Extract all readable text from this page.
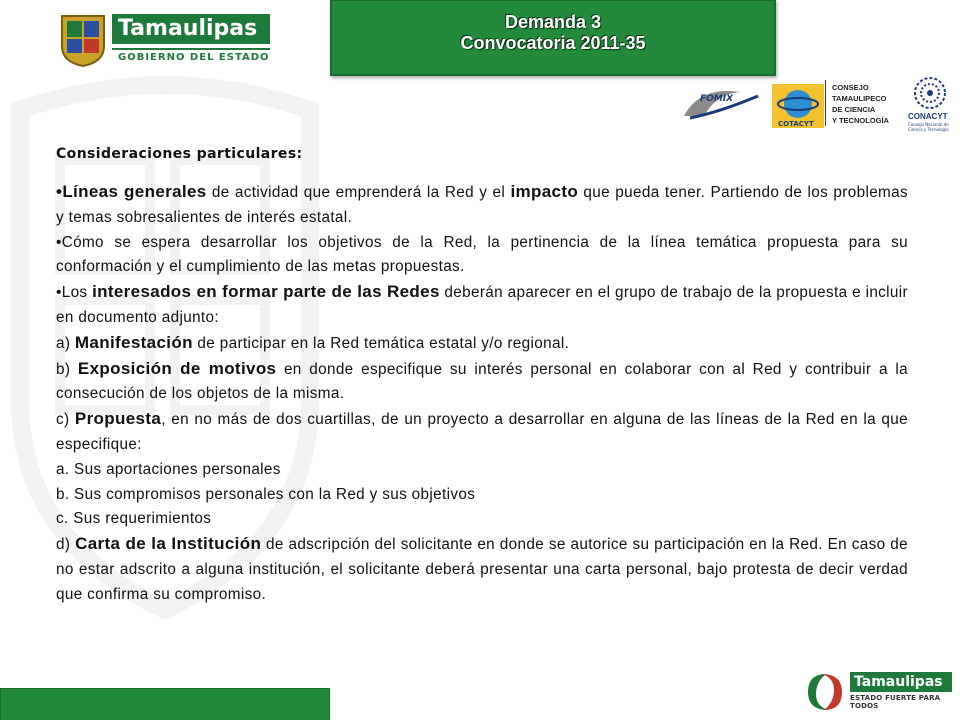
Tamaulipas
GOBIERNO DEL ESTADO
Demanda 3
Convocatoria 2011-35
FOMIX
COTACYT
CONSEJO
TAMAULIPECO
DE CIENCIA
Y TECNOLOGÍA CONACYT
Consejo Nacional de Ciencia y Tecnología
Consideraciones particulares:

•Líneas generales de actividad que emprenderá la Red y el impacto que pueda tener. Partiendo de los problemas y temas sobresalientes de interés estatal.

•Cómo se espera desarrollar los objetivos de la Red, la pertinencia de la línea temática propuesta para su conformación y el cumplimiento de las metas propuestas.

•Los interesados en formar parte de las Redes deberán aparecer en el grupo de trabajo de la propuesta e incluir en documento adjunto:

a) Manifestación de participar en la Red temática estatal y/o regional.

b) Exposición de motivos en donde especifique su interés personal en colaborar con al Red y contribuir a la consecución de los objetos de la misma.

c) Propuesta, en no más de dos cuartillas, de un proyecto a desarrollar en alguna de las líneas de la Red en la que especifique:

a. Sus aportaciones personales

b. Sus compromisos personales con la Red y sus objetivos

c. Sus requerimientos

d) Carta de la Institución de adscripción del solicitante en donde se autorice su participación en la Red. En caso de no estar adscrito a alguna institución, el solicitante deberá presentar una carta personal, bajo protesta de decir verdad que confirma su compromiso.

Tamaulipas
ESTADO FUERTE PARA TODOS
